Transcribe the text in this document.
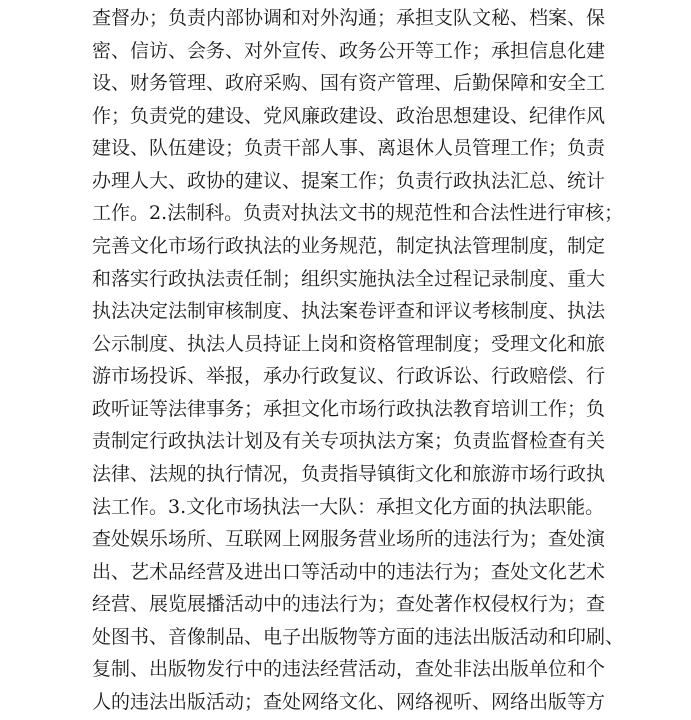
查督办；负责内部协调和对外沟通；承担支队文秘、档案、保
密、信访、会务、对外宣传、政务公开等工作；承担信息化建
设、财务管理、政府采购、国有资产管理、后勤保障和安全工
作；负责党的建设、党风廉政建设、政治思想建设、纪律作风
建设、队伍建设；负责干部人事、离退休人员管理工作；负责
办理人大、政协的建议、提案工作；负责行政执法汇总、统计
工作。2.法制科。负责对执法文书的规范性和合法性进行审核；
完善文化市场行政执法的业务规范，制定执法管理制度，制定
和落实行政执法责任制；组织实施执法全过程记录制度、重大
执法决定法制审核制度、执法案卷评查和评议考核制度、执法
公示制度、执法人员持证上岗和资格管理制度；受理文化和旅
游市场投诉、举报，承办行政复议、行政诉讼、行政赔偿、行
政听证等法律事务；承担文化市场行政执法教育培训工作；负
责制定行政执法计划及有关专项执法方案；负责监督检查有关
法律、法规的执行情况，负责指导镇街文化和旅游市场行政执
法工作。3.文化市场执法一大队：承担文化方面的执法职能。
查处娱乐场所、互联网上网服务营业场所的违法行为；查处演
出、艺术品经营及进出口等活动中的违法行为；查处文化艺术
经营、展览展播活动中的违法行为；查处著作权侵权行为；查
处图书、音像制品、电子出版物等方面的违法出版活动和印刷、
复制、出版物发行中的违法经营活动，查处非法出版单位和个
人的违法出版活动；查处网络文化、网络视听、网络出版等方
